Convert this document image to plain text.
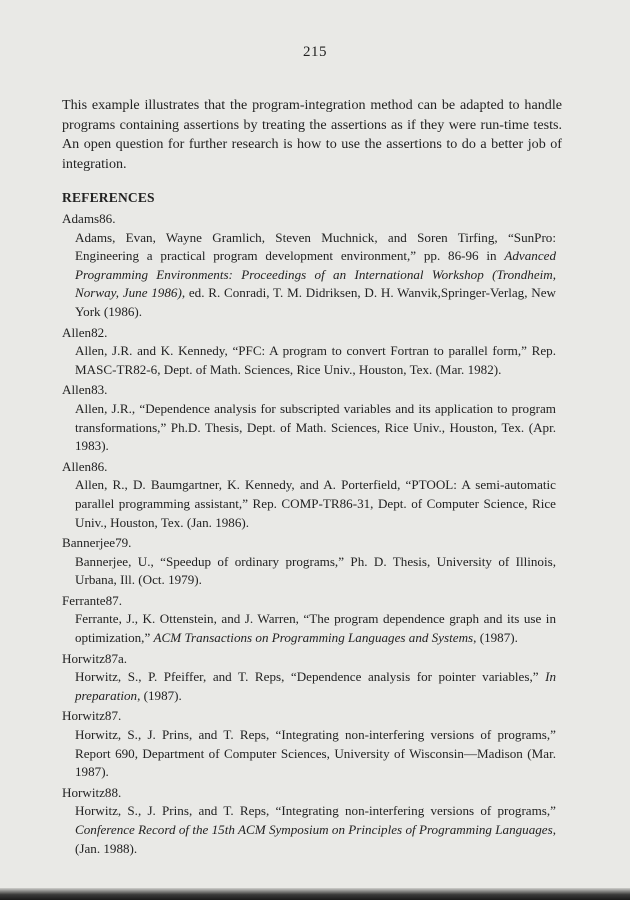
215

This example illustrates that the program-integration method can be adapted to handle programs containing assertions by treating the assertions as if they were run-time tests. An open question for further research is how to use the assertions to do a better job of integration.

REFERENCES
Adams86.
Adams, Evan, Wayne Gramlich, Steven Muchnick, and Soren Tirfing, “SunPro: Engineering a practical program development environment,” pp. 86-96 in Advanced Programming Environments: Proceedings of an International Workshop (Trondheim, Norway, June 1986), ed. R. Conradi, T. M. Didriksen, D. H. Wanvik,Springer-Verlag, New York (1986).
Allen82.
Allen, J.R. and K. Kennedy, “PFC: A program to convert Fortran to parallel form,” Rep. MASC-TR82-6, Dept. of Math. Sciences, Rice Univ., Houston, Tex. (Mar. 1982).
Allen83.
Allen, J.R., “Dependence analysis for subscripted variables and its application to program transformations,” Ph.D. Thesis, Dept. of Math. Sciences, Rice Univ., Houston, Tex. (Apr. 1983).
Allen86.
Allen, R., D. Baumgartner, K. Kennedy, and A. Porterfield, “PTOOL: A semi-automatic parallel programming assistant,” Rep. COMP-TR86-31, Dept. of Computer Science, Rice Univ., Houston, Tex. (Jan. 1986).
Bannerjee79.
Bannerjee, U., “Speedup of ordinary programs,” Ph. D. Thesis, University of Illinois, Urbana, Ill. (Oct. 1979).
Ferrante87.
Ferrante, J., K. Ottenstein, and J. Warren, “The program dependence graph and its use in optimization,” ACM Transactions on Programming Languages and Systems, (1987).
Horwitz87a.
Horwitz, S., P. Pfeiffer, and T. Reps, “Dependence analysis for pointer variables,” In preparation, (1987).
Horwitz87.
Horwitz, S., J. Prins, and T. Reps, “Integrating non-interfering versions of programs,” Report 690, Department of Computer Sciences, University of Wisconsin—Madison (Mar. 1987).
Horwitz88.
Horwitz, S., J. Prins, and T. Reps, “Integrating non-interfering versions of programs,” Conference Record of the 15th ACM Symposium on Principles of Programming Languages, (Jan. 1988).
